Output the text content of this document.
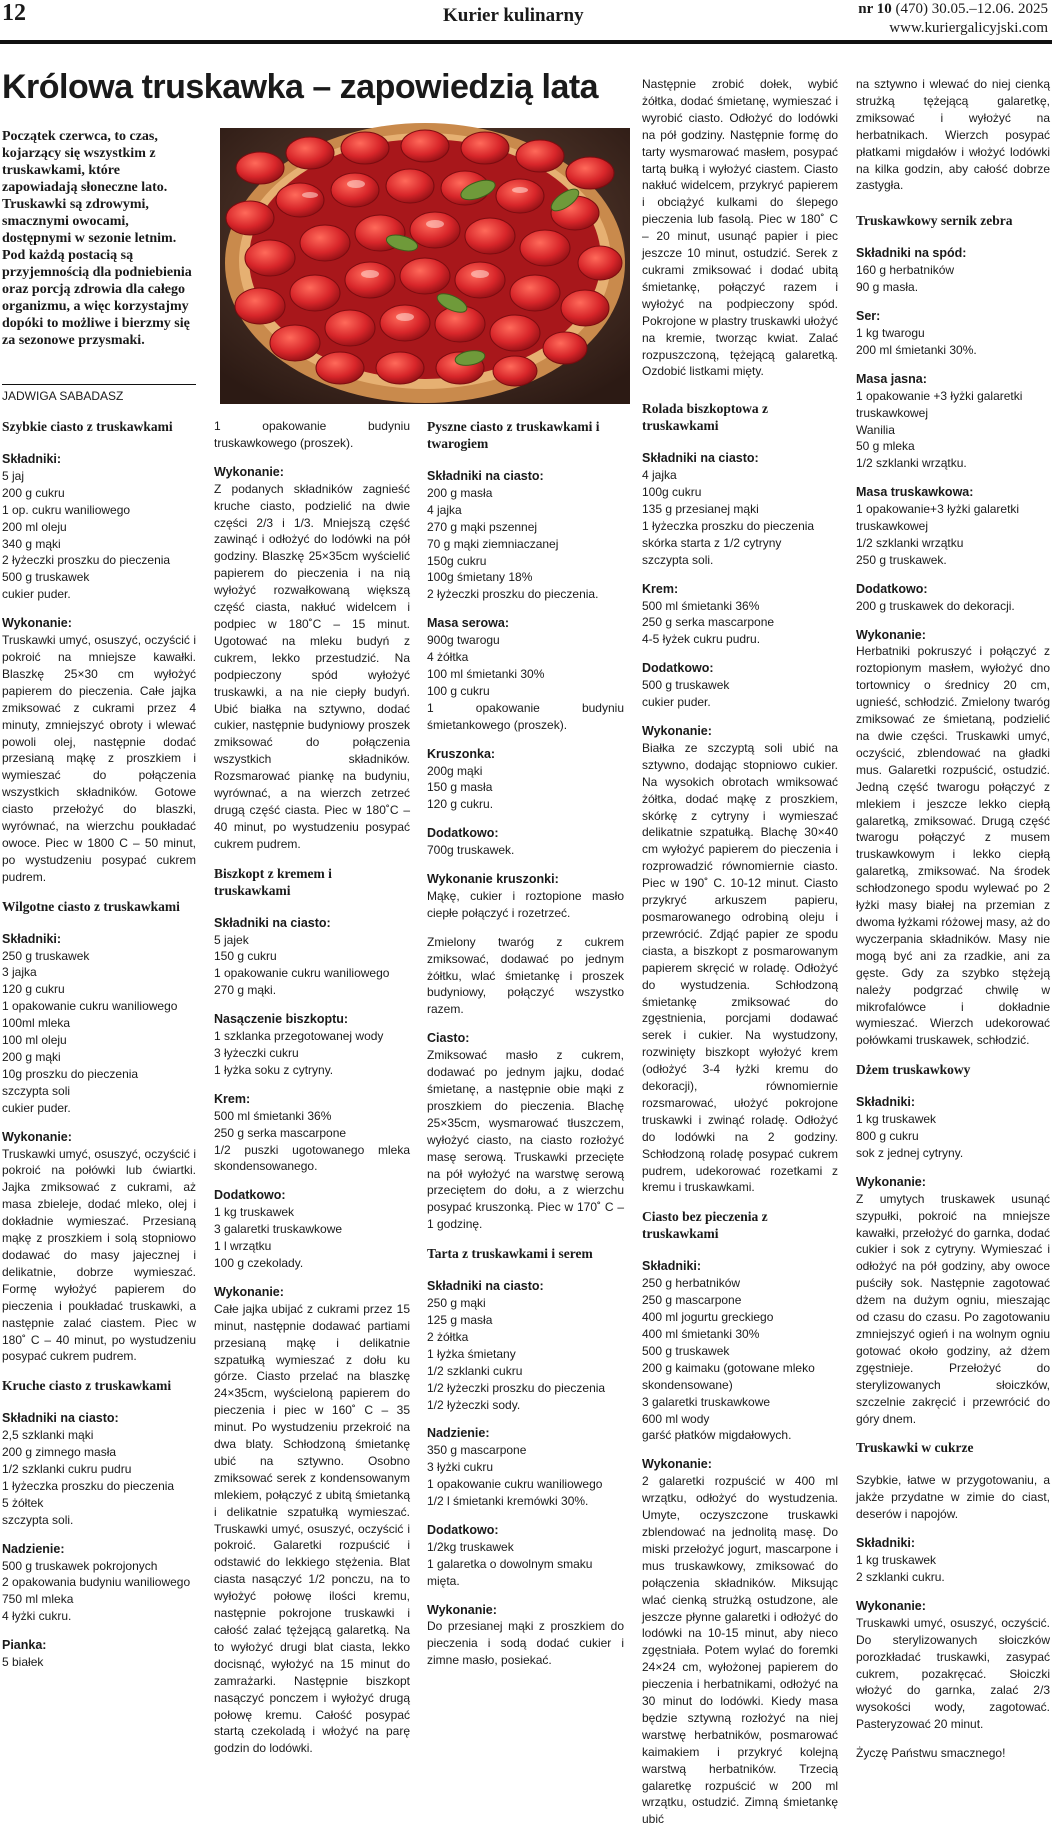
12	Kurier kulinarny	nr 10 (470) 30.05.–12.06. 2025
www.kuriergalicyjski.com
Królowa truskawka – zapowiedzią lata
Początek czerwca, to czas, kojarzący się wszystkim z truskawkami, które zapowiadają słoneczne lato. Truskawki są zdrowymi, smacznymi owocami, dostępnymi w sezonie letnim. Pod każdą postacią są przyjemnością dla podniebienia oraz porcją zdrowia dla całego organizmu, a więc korzystajmy dopóki to możliwe i bierzmy się za sezonowe przysmaki.
JADWIGA SABADASZ
Szybkie ciasto z truskawkami
Składniki:
5 jaj
200 g cukru
1 op. cukru waniliowego
200 ml oleju
340 g mąki
2 łyżeczki proszku do pieczenia
500 g truskawek
cukier puder.
Wykonanie:
Truskawki umyć, osuszyć, oczyścić i pokroić na mniejsze kawałki. Blaszkę 25×30 cm wyłożyć papierem do pieczenia. Całe jajka zmiksować z cukrami przez 4 minuty, zmniejszyć obroty i wlewać powoli olej, następnie dodać przesianą mąkę z proszkiem i wymieszać do połączenia wszystkich składników. Gotowe ciasto przełożyć do blaszki, wyrównać, na wierzchu poukładać owoce. Piec w 1800 C – 50 minut, po wystudzeniu posypać cukrem pudrem.
Wilgotne ciasto z truskawkami
Składniki:
250 g truskawek
3 jajka
120 g cukru
1 opakowanie cukru waniliowego
100ml mleka
100 ml oleju
200 g mąki
10g proszku do pieczenia
szczypta soli
cukier puder.
Wykonanie:
Truskawki umyć, osuszyć, oczyścić i pokroić na połówki lub ćwiartki. Jajka zmiksować z cukrami, aż masa zbieleje, dodać mleko, olej i dokładnie wymieszać. Przesianą mąkę z proszkiem i solą stopniowo dodawać do masy jajecznej i delikatnie, dobrze wymieszać. Formę wyłożyć papierem do pieczenia i poukładać truskawki, a następnie zalać ciastem. Piec w 180˚ C – 40 minut, po wystudzeniu posypać cukrem pudrem.
Kruche ciasto z truskawkami
Składniki na ciasto:
2,5 szklanki mąki
200 g zimnego masła
1/2 szklanki cukru pudru
1 łyżeczka proszku do pieczenia
5 żółtek
szczypta soli.
Nadzienie:
500 g truskawek pokrojonych
2 opakowania budyniu waniliowego
750 ml mleka
4 łyżki cukru.
Pianka:
5 białek
1 opakowanie budyniu truskawkowego (proszek).
Wykonanie:
Z podanych składników zagnieść kruche ciasto, podzielić na dwie części 2/3 i 1/3. Mniejszą część zawinąć i odłożyć do lodówki na pół godziny. Blaszkę 25×35cm wyścielić papierem do pieczenia i na nią wyłożyć rozwałkowaną większą część ciasta, nakłuć widelcem i podpiec w 180˚C – 15 minut. Ugotować na mleku budyń z cukrem, lekko przestudzić. Na podpieczony spód wyłożyć truskawki, a na nie ciepły budyń. Ubić białka na sztywno, dodać cukier, następnie budyniowy proszek zmiksować do połączenia wszystkich składników. Rozsmarować piankę na budyniu, wyrównać, a na wierzch zetrzeć drugą część ciasta. Piec w 180˚C – 40 minut, po wystudzeniu posypać cukrem pudrem.
Biszkopt z kremem i truskawkami
Składniki na ciasto:
5 jajek
150 g cukru
1 opakowanie cukru waniliowego
270 g mąki.
Nasączenie biszkoptu:
1 szklanka przegotowanej wody
3 łyżeczki cukru
1 łyżka soku z cytryny.
Krem:
500 ml śmietanki 36%
250 g serka mascarpone
1/2 puszki ugotowanego mleka skondensowanego.
Dodatkowo:
1 kg truskawek
3 galaretki truskawkowe
1 l wrzątku
100 g czekolady.
Wykonanie:
Całe jajka ubijać z cukrami przez 15 minut, następnie dodawać partiami przesianą mąkę i delikatnie szpatułką wymieszać z dołu ku górze. Ciasto przelać na blaszkę 24×35cm, wyścieloną papierem do pieczenia i piec w 160˚ C – 35 minut. Po wystudzeniu przekroić na dwa blaty. Schłodzoną śmietankę ubić na sztywno. Osobno zmiksować serek z kondensowanym mlekiem, połączyć z ubitą śmietanką i delikatnie szpatułką wymieszać. Truskawki umyć, osuszyć, oczyścić i pokroić. Galaretki rozpuścić i odstawić do lekkiego stężenia. Blat ciasta nasączyć 1/2 ponczu, na to wyłożyć połowę ilości kremu, następnie pokrojone truskawki i całość zalać tężejącą galaretką. Na to wyłożyć drugi blat ciasta, lekko docisnąć, wyłożyć na 15 minut do zamrażarki. Następnie biszkopt nasączyć ponczem i wyłożyć drugą połowę kremu. Całość posypać startą czekoladą i włożyć na parę godzin do lodówki.
Pyszne ciasto z truskawkami i twarogiem
Składniki na ciasto:
200 g masła
4 jajka
270 g mąki pszennej
70 g mąki ziemniaczanej
150g cukru
100g śmietany 18%
2 łyżeczki proszku do pieczenia.
Masa serowa:
900g twarogu
4 żółtka
100 ml śmietanki 30%
100 g cukru
1 opakowanie budyniu śmietankowego (proszek).
Kruszonka:
200g mąki
150 g masła
120 g cukru.
Dodatkowo:
700g truskawek.
Wykonanie kruszonki:
Mąkę, cukier i roztopione masło ciepłe połączyć i rozetrzeć.
Zmielony twaróg z cukrem zmiksować, dodawać po jednym żółtku, wlać śmietankę i proszek budyniowy, połączyć wszystko razem.
Ciasto:
Zmiksować masło z cukrem, dodawać po jednym jajku, dodać śmietanę, a następnie obie mąki z proszkiem do pieczenia. Blachę 25×35cm, wysmarować tłuszczem, wyłożyć ciasto, na ciasto rozłożyć masę serową. Truskawki przecięte na pół wyłożyć na warstwę serową przeciętem do dołu, a z wierzchu posypać kruszonką. Piec w 170˚ C – 1 godzinę.
Tarta z truskawkami i serem
Składniki na ciasto:
250 g mąki
125 g masła
2 żółtka
1 łyżka śmietany
1/2 szklanki cukru
1/2 łyżeczki proszku do pieczenia
1/2 łyżeczki sody.
Nadzienie:
350 g mascarpone
3 łyżki cukru
1 opakowanie cukru waniliowego
1/2 l śmietanki kremówki 30%.
Dodatkowo:
1/2kg truskawek
1 galaretka o dowolnym smaku
mięta.
Wykonanie:
Do przesianej mąki z proszkiem do pieczenia i sodą dodać cukier i zimne masło, posiekać.
Następnie zrobić dołek, wybić żółtka, dodać śmietanę, wymieszać i wyrobić ciasto. Odłożyć do lodówki na pół godziny. Następnie formę do tarty wysmarować masłem, posypać tartą bułką i wyłożyć ciastem. Ciasto nakłuć widelcem, przykryć papierem i obciążyć kulkami do ślepego pieczenia lub fasolą. Piec w 180˚ C – 20 minut, usunąć papier i piec jeszcze 10 minut, ostudzić. Serek z cukrami zmiksować i dodać ubitą śmietankę, połączyć razem i wyłożyć na podpieczony spód. Pokrojone w plastry truskawki ułożyć na kremie, tworząc kwiat. Zalać rozpuszczoną, tężejącą galaretką. Ozdobić listkami mięty.
Rolada biszkoptowa z truskawkami
Składniki na ciasto:
4 jajka
100g cukru
135 g przesianej mąki
1 łyżeczka proszku do pieczenia
skórka starta z 1/2 cytryny
szczypta soli.
Krem:
500 ml śmietanki 36%
250 g serka mascarpone
4-5 łyżek cukru pudru.
Dodatkowo:
500 g truskawek
cukier puder.
Wykonanie:
Białka ze szczyptą soli ubić na sztywno, dodając stopniowo cukier. Na wysokich obrotach wmiksować żółtka, dodać mąkę z proszkiem, skórkę z cytryny i wymieszać delikatnie szpatułką. Blachę 30×40 cm wyłożyć papierem do pieczenia i rozprowadzić równomiernie ciasto. Piec w 190˚ C. 10-12 minut. Ciasto przykryć arkuszem papieru, posmarowanego odrobiną oleju i przewrócić. Zdjąć papier ze spodu ciasta, a biszkopt z posmarowanym papierem skręcić w roladę. Odłożyć do wystudzenia. Schłodzoną śmietankę zmiksować do zgęstnienia, porcjami dodawać serek i cukier. Na wystudzony, rozwinięty biszkopt wyłożyć krem (odłożyć 3-4 łyżki kremu do dekoracji), równomiernie rozsmarować, ułożyć pokrojone truskawki i zwinąć roladę. Odłożyć do lodówki na 2 godziny. Schłodzoną roladę posypać cukrem pudrem, udekorować rozetkami z kremu i truskawkami.
Ciasto bez pieczenia z truskawkami
Składniki:
250 g herbatników
250 g mascarpone
400 ml jogurtu greckiego
400 ml śmietanki 30%
500 g truskawek
200 g kaimaku (gotowane mleko skondensowane)
3 galaretki truskawkowe
600 ml wody
garść płatków migdałowych.
Wykonanie:
2 galaretki rozpuścić w 400 ml wrzątku, odłożyć do wystudzenia. Umyte, oczyszczone truskawki zblendować na jednolitą masę. Do miski przełożyć jogurt, mascarpone i mus truskawkowy, zmiksować do połączenia składników. Miksując wlać cienką strużką ostudzone, ale jeszcze płynne galaretki i odłożyć do lodówki na 10-15 minut, aby nieco zgęstniała. Potem wylać do foremki 24×24 cm, wyłożonej papierem do pieczenia i herbatnikami, odłożyć na 30 minut do lodówki. Kiedy masa będzie sztywną rozłożyć na niej warstwę herbatników, posmarować kaimakiem i przykryć kolejną warstwą herbatników. Trzecią galaretkę rozpuścić w 200 ml wrzątku, ostudzić. Zimną śmietankę ubić
na sztywno i wlewać do niej cienką strużką tężejącą galaretkę, zmiksować i wyłożyć na herbatnikach. Wierzch posypać płatkami migdałów i włożyć lodówki na kilka godzin, aby całość dobrze zastygła.
Truskawkowy sernik zebra
Składniki na spód:
160 g herbatników
90 g masła.
Ser:
1 kg twarogu
200 ml śmietanki 30%.
Masa jasna:
1 opakowanie +3 łyżki galaretki
truskawkowej
Wanilia
50 g mleka
1/2 szklanki wrzątku.
Masa truskawkowa:
1 opakowanie+3 łyżki galaretki
truskawkowej
1/2 szklanki wrzątku
250 g truskawek.
Dodatkowo:
200 g truskawek do dekoracji.
Wykonanie:
Herbatniki pokruszyć i połączyć z roztopionym masłem, wyłożyć dno tortownicy o średnicy 20 cm, ugnieść, schłodzić. Zmielony twaróg zmiksować ze śmietaną, podzielić na dwie części. Truskawki umyć, oczyścić, zblendować na gładki mus. Galaretki rozpuścić, ostudzić. Jedną część twarogu połączyć z mlekiem i jeszcze lekko ciepłą galaretką, zmiksować. Drugą część twarogu połączyć z musem truskawkowym i lekko ciepłą galaretką, zmiksować. Na środek schłodzonego spodu wylewać po 2 łyżki masy białej na przemian z dwoma łyżkami różowej masy, aż do wyczerpania składników. Masy nie mogą być ani za rzadkie, ani za gęste. Gdy za szybko stężeją należy podgrzać chwilę w mikrofalówce i dokładnie wymieszać. Wierzch udekorować połówkami truskawek, schłodzić.
Dżem truskawkowy
Składniki:
1 kg truskawek
800 g cukru
sok z jednej cytryny.
Wykonanie:
Z umytych truskawek usunąć szypułki, pokroić na mniejsze kawałki, przełożyć do garnka, dodać cukier i sok z cytryny. Wymieszać i odłożyć na pół godziny, aby owoce puściły sok. Następnie zagotować dżem na dużym ogniu, mieszając od czasu do czasu. Po zagotowaniu zmniejszyć ogień i na wolnym ogniu gotować około godziny, aż dżem zgęstnieje. Przełożyć do sterylizowanych słoiczków, szczelnie zakręcić i przewrócić do góry dnem.
Truskawki w cukrze
Szybkie, łatwe w przygotowaniu, a jakże przydatne w zimie do ciast, deserów i napojów.
Składniki:
1 kg truskawek
2 szklanki cukru.
Wykonanie:
Truskawki umyć, osuszyć, oczyścić. Do sterylizowanych słoiczków porozkładać truskawki, zasypać cukrem, pozakręcać. Słoiczki włożyć do garnka, zalać 2/3 wysokości wody, zagotować. Pasteryzować 20 minut.
Życzę Państwu smacznego!
